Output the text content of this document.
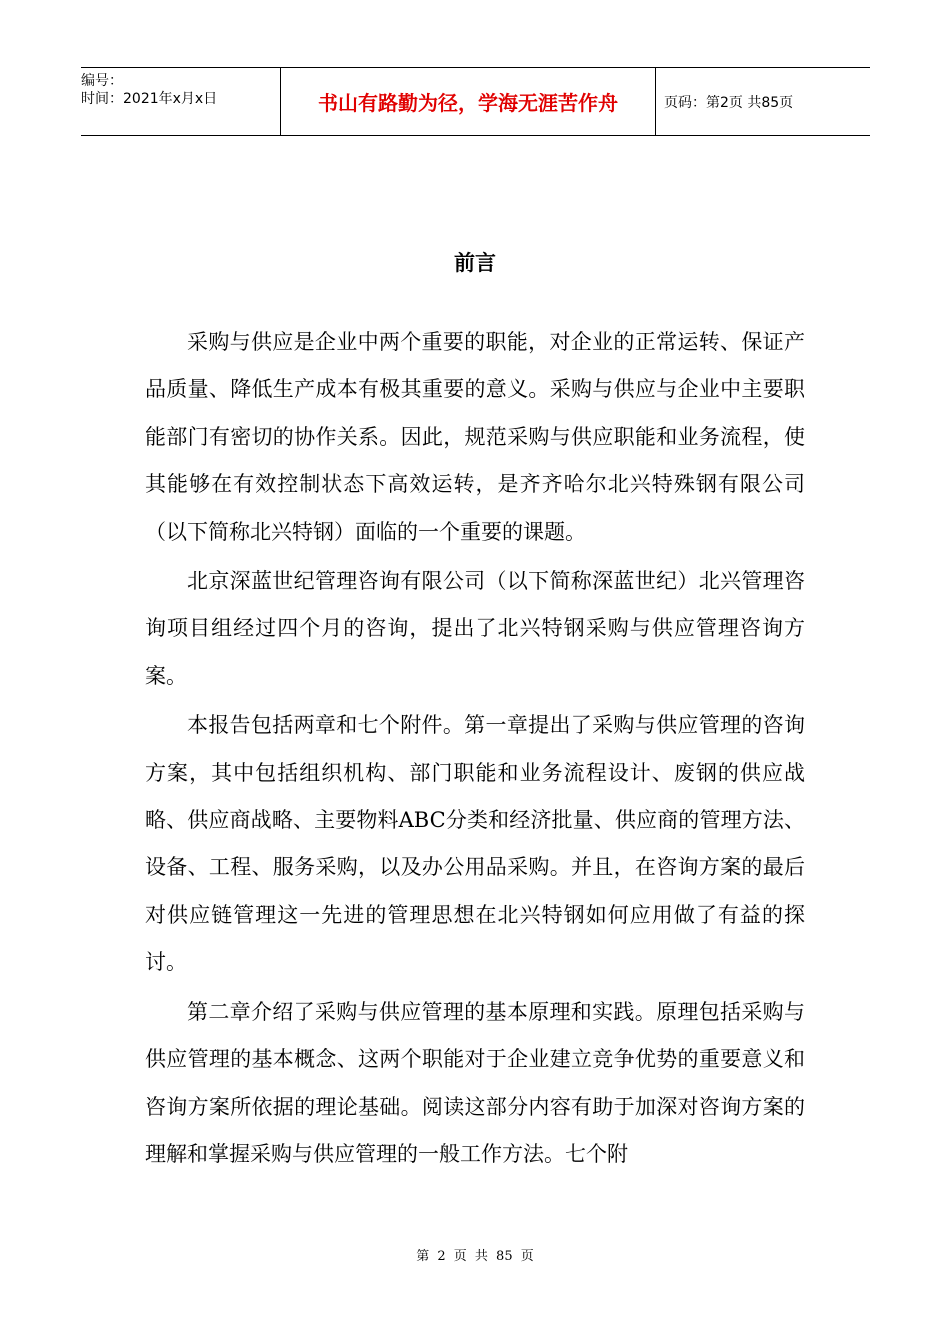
编号：
时间：2021年x月x日	书山有路勤为径，学海无涯苦作舟	页码：第2页 共85页
前言

采购与供应是企业中两个重要的职能，对企业的正常运转、保证产品质量、降低生产成本有极其重要的意义。采购与供应与企业中主要职能部门有密切的协作关系。因此，规范采购与供应职能和业务流程，使其能够在有效控制状态下高效运转，是齐齐哈尔北兴特殊钢有限公司（以下简称北兴特钢）面临的一个重要的课题。

北京深蓝世纪管理咨询有限公司（以下简称深蓝世纪）北兴管理咨询项目组经过四个月的咨询，提出了北兴特钢采购与供应管理咨询方案。

本报告包括两章和七个附件。第一章提出了采购与供应管理的咨询方案，其中包括组织机构、部门职能和业务流程设计、废钢的供应战略、供应商战略、主要物料ABC分类和经济批量、供应商的管理方法、设备、工程、服务采购，以及办公用品采购。并且，在咨询方案的最后对供应链管理这一先进的管理思想在北兴特钢如何应用做了有益的探讨。

第二章介绍了采购与供应管理的基本原理和实践。原理包括采购与供应管理的基本概念、这两个职能对于企业建立竞争优势的重要意义和咨询方案所依据的理论基础。阅读这部分内容有助于加深对咨询方案的理解和掌握采购与供应管理的一般工作方法。七个附

第 2 页 共 85 页
